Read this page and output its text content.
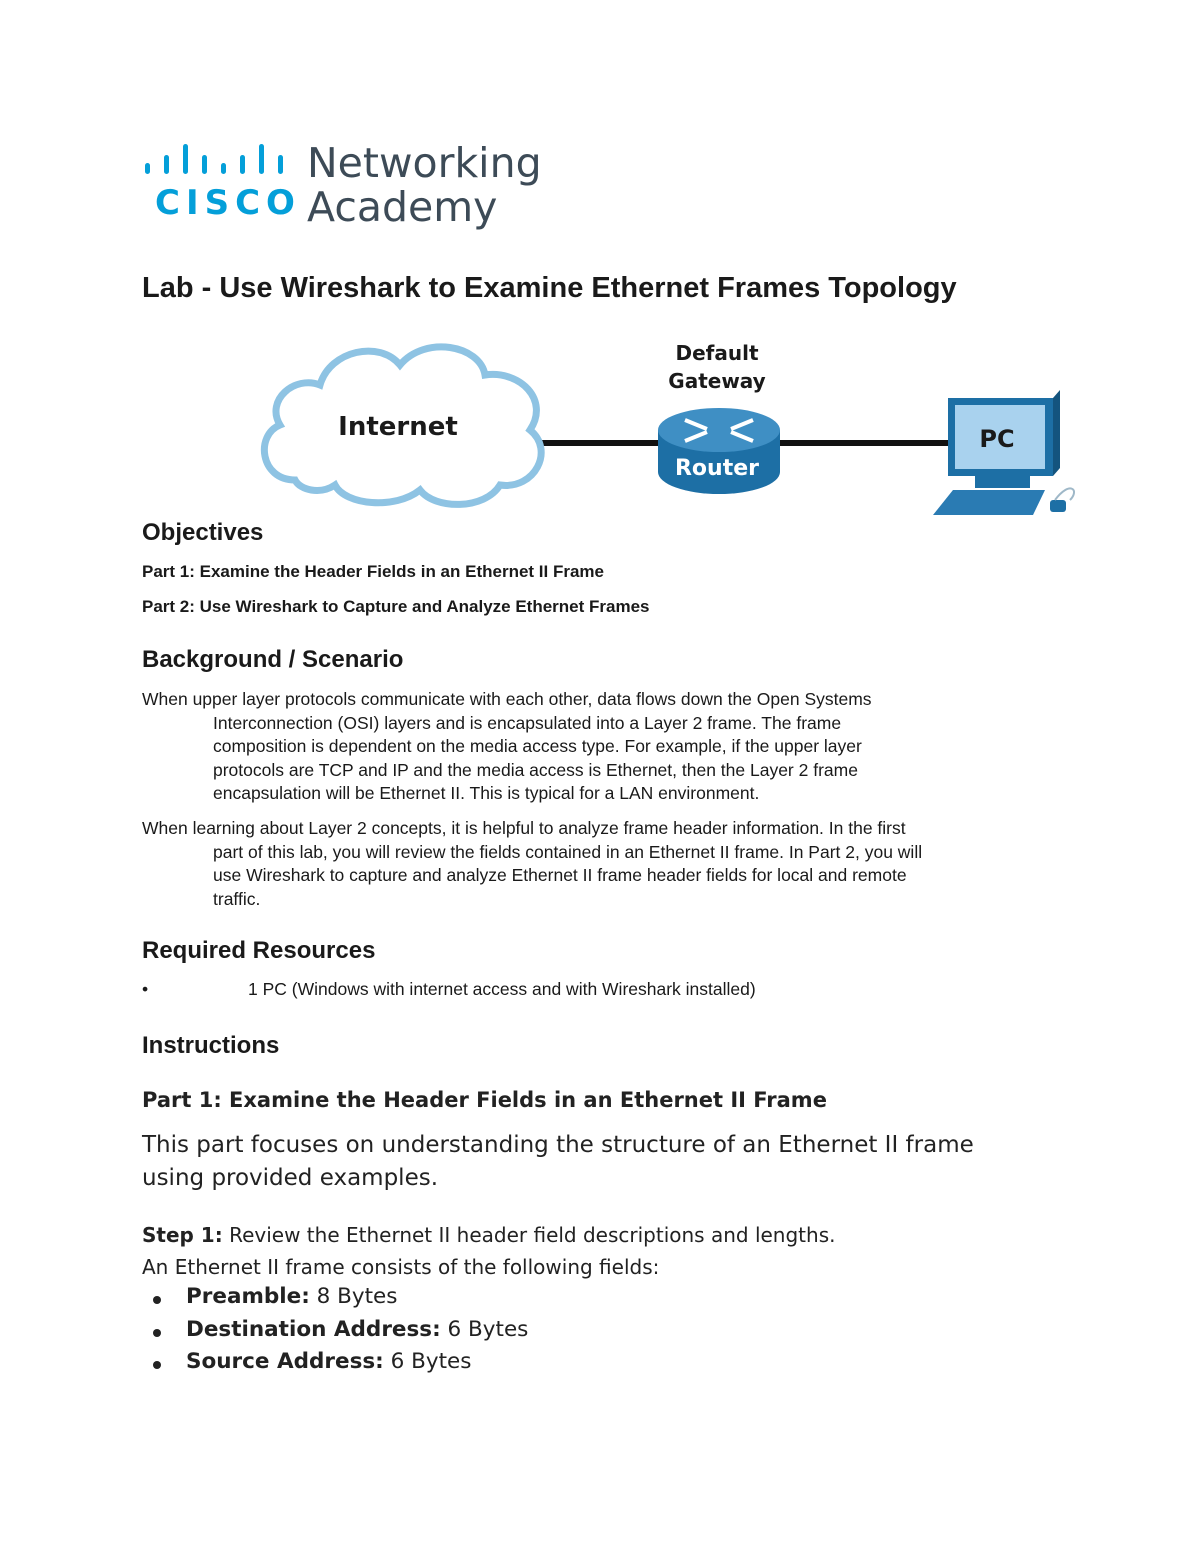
CISCO
Networking
Academy
Lab - Use Wireshark to Examine Ethernet Frames Topology
Internet
Default
Gateway
Router
PC
Objectives
Part 1: Examine the Header Fields in an Ethernet II Frame
Part 2: Use Wireshark to Capture and Analyze Ethernet Frames
Background / Scenario
When upper layer protocols communicate with each other, data flows down the Open Systems
Interconnection (OSI) layers and is encapsulated into a Layer 2 frame. The frame
composition is dependent on the media access type. For example, if the upper layer
protocols are TCP and IP and the media access is Ethernet, then the Layer 2 frame
encapsulation will be Ethernet II. This is typical for a LAN environment.
When learning about Layer 2 concepts, it is helpful to analyze frame header information. In the first
part of this lab, you will review the fields contained in an Ethernet II frame. In Part 2, you will
use Wireshark to capture and analyze Ethernet II frame header fields for local and remote
traffic.
Required Resources
•	1 PC (Windows with internet access and with Wireshark installed)
Instructions
Part 1: Examine the Header Fields in an Ethernet II Frame
This part focuses on understanding the structure of an Ethernet II frame using provided examples.
Step 1: Review the Ethernet II header field descriptions and lengths.
An Ethernet II frame consists of the following fields:
Preamble: 8 Bytes
Destination Address: 6 Bytes
Source Address: 6 Bytes
